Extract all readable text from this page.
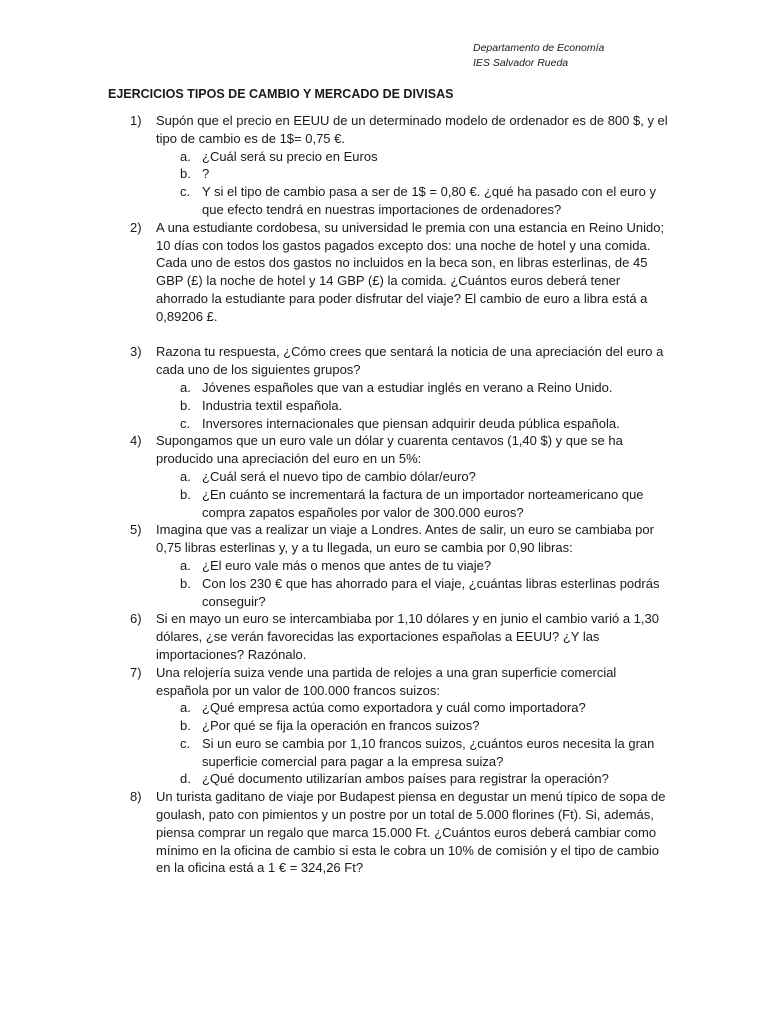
Departamento de Economía
IES Salvador Rueda
EJERCICIOS TIPOS DE CAMBIO Y MERCADO DE DIVISAS
1)	Supón que el precio en EEUU de un determinado modelo de ordenador es de 800 $, y el tipo de cambio es de 1$= 0,75 €.
a. ¿Cuál será su precio en Euros
b. ?
c. Y si el tipo de cambio pasa a ser de 1$ = 0,80 €. ¿qué ha pasado con el euro y que efecto tendrá en nuestras importaciones de ordenadores?
2)	A una estudiante cordobesa, su universidad le premia con una estancia en Reino Unido; 10 días con todos los gastos pagados excepto dos: una noche de hotel y una comida. Cada uno de estos dos gastos no incluidos en la beca son, en libras esterlinas, de 45 GBP (£) la noche de hotel y 14 GBP (£) la comida. ¿Cuántos euros deberá tener ahorrado la estudiante para poder disfrutar del viaje? El cambio de euro a libra está a 0,89206 £.
3)	Razona tu respuesta, ¿Cómo crees que sentará la noticia de una apreciación del euro a cada uno de los siguientes grupos?
a. Jóvenes españoles que van a estudiar inglés en verano a Reino Unido.
b. Industria textil española.
c. Inversores internacionales que piensan adquirir deuda pública española.
4)	Supongamos que un euro vale un dólar y cuarenta centavos (1,40 $) y que se ha producido una apreciación del euro en un 5%:
a. ¿Cuál será el nuevo tipo de cambio dólar/euro?
b. ¿En cuánto se incrementará la factura de un importador norteamericano que compra zapatos españoles por valor de 300.000 euros?
5)	Imagina que vas a realizar un viaje a Londres. Antes de salir, un euro se cambiaba por 0,75 libras esterlinas y, y a tu llegada, un euro se cambia por 0,90 libras:
a. ¿El euro vale más o menos que antes de tu viaje?
b. Con los 230 € que has ahorrado para el viaje, ¿cuántas libras esterlinas podrás conseguir?
6)	Si en mayo un euro se intercambiaba por 1,10 dólares y en junio el cambio varió a 1,30 dólares, ¿se verán favorecidas las exportaciones españolas a EEUU? ¿Y las importaciones? Razónalo.
7)	Una relojería suiza vende una partida de relojes a una gran superficie comercial española por un valor de 100.000 francos suizos:
a. ¿Qué empresa actúa como exportadora y cuál como importadora?
b. ¿Por qué se fija la operación en francos suizos?
c. Si un euro se cambia por 1,10 francos suizos, ¿cuántos euros necesita la gran superficie comercial para pagar a la empresa suiza?
d. ¿Qué documento utilizarían ambos países para registrar la operación?
8)	Un turista gaditano de viaje por Budapest piensa en degustar un menú típico de sopa de goulash, pato con pimientos y un postre por un total de 5.000 florines (Ft). Si, además, piensa comprar un regalo que marca 15.000 Ft. ¿Cuántos euros deberá cambiar como mínimo en la oficina de cambio si esta le cobra un 10% de comisión y el tipo de cambio en la oficina está a 1 € = 324,26 Ft?
